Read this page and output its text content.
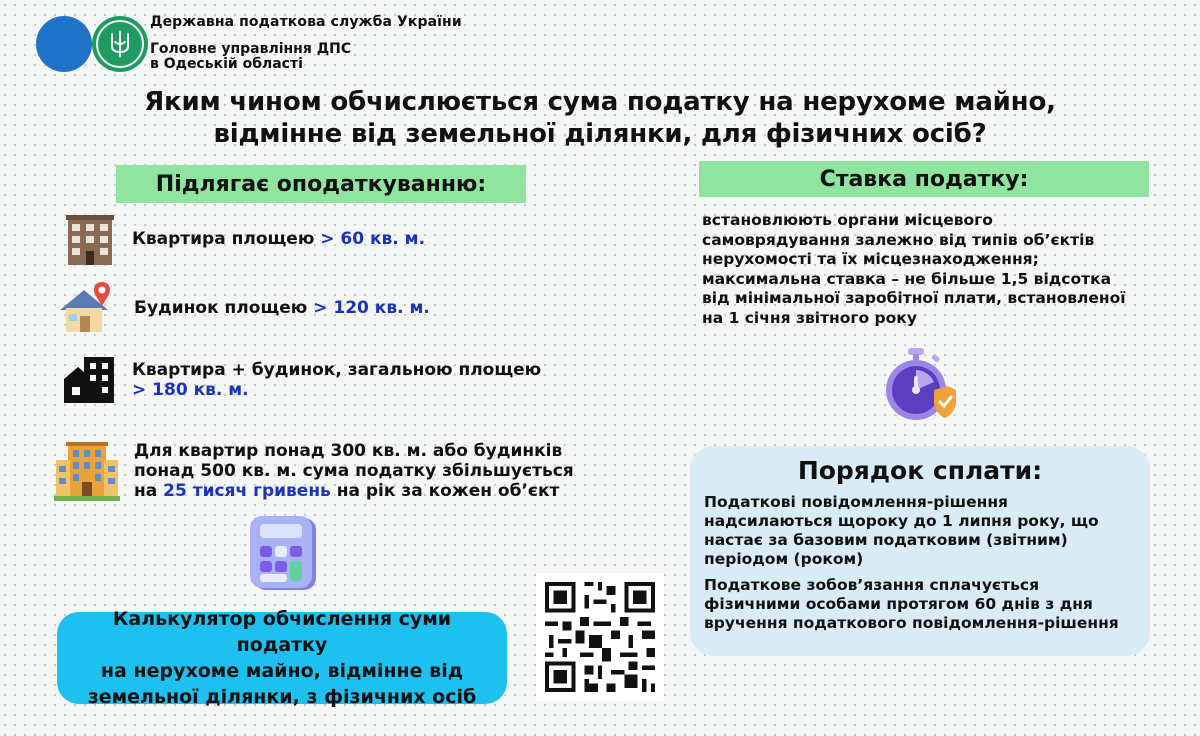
Державна податкова служба України
Головне управління ДПС
в Одеській області
Яким чином обчислюється сума податку на нерухоме майно,
відмінне від земельної ділянки, для фізичних осіб?
Підлягає оподаткуванню:
Квартира площею > 60 кв. м.
Будинок площею > 120 кв. м.
Квартира + будинок, загальною площею
> 180 кв. м.
Для квартир понад 300 кв. м. або будинків
понад 500 кв. м. сума податку збільшується
на 25 тисяч гривень на рік за кожен об’єкт
Калькулятор обчислення суми податку
на нерухоме майно, відмінне від
земельної ділянки, з фізичних осіб
Ставка податку:
встановлюють органи місцевого
самоврядування залежно від типів об’єктів
нерухомості та їх місцезнаходження;
максимальна ставка – не більше 1,5 відсотка
від мінімальної заробітної плати, встановленої
на 1 січня звітного року
Порядок сплати:
Податкові повідомлення-рішення
надсилаються щороку до 1 липня року, що
настає за базовим податковим (звітним)
періодом (роком)
Податкове зобов’язання сплачується
фізичними особами протягом 60 днів з дня
вручення податкового повідомлення-рішення
